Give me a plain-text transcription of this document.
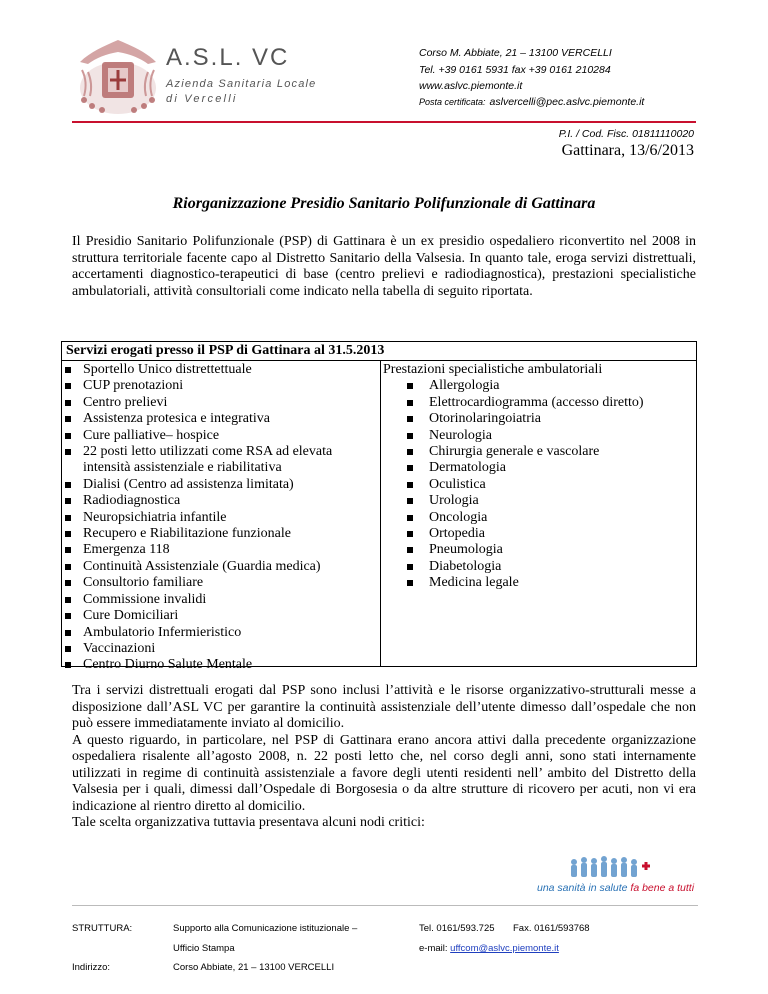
A.S.L. VC
Azienda Sanitaria Locale
di Vercelli
Corso M. Abbiate, 21 – 13100 VERCELLI
Tel. +39 0161 5931 fax +39 0161 210284
www.aslvc.piemonte.it
Posta certificata: aslvercelli@pec.aslvc.piemonte.it
P.I. / Cod. Fisc. 01811110020
Gattinara, 13/6/2013
Riorganizzazione Presidio Sanitario Polifunzionale di Gattinara
Il Presidio Sanitario Polifunzionale (PSP) di Gattinara è un ex presidio ospedaliero riconvertito nel 2008 in struttura territoriale facente capo al Distretto Sanitario della Valsesia. In quanto tale, eroga servizi distrettuali, accertamenti diagnostico-terapeutici di base (centro prelievi e radiodiagnostica), prestazioni specialistiche ambulatoriali, attività consultoriali come indicato nella tabella di seguito riportata.
Servizi erogati presso il PSP di Gattinara al 31.5.2013
Sportello Unico distrettettuale
CUP prenotazioni
Centro prelievi
Assistenza protesica e integrativa
Cure palliative– hospice
22 posti letto utilizzati come RSA ad elevata intensità assistenziale e riabilitativa
Dialisi (Centro ad assistenza limitata)
Radiodiagnostica
Neuropsichiatria infantile
Recupero e Riabilitazione funzionale
Emergenza 118
Continuità Assistenziale (Guardia medica)
Consultorio familiare
Commissione invalidi
Cure Domiciliari
Ambulatorio Infermieristico
Vaccinazioni
Centro Diurno Salute Mentale
Prestazioni specialistiche ambulatoriali
Allergologia
Elettrocardiogramma (accesso diretto)
Otorinolaringoiatria
Neurologia
Chirurgia generale e vascolare
Dermatologia
Oculistica
Urologia
Oncologia
Ortopedia
Pneumologia
Diabetologia
Medicina legale
Tra i servizi distrettuali erogati dal PSP sono inclusi l’attività e le risorse organizzativo-strutturali messe a disposizione dall’ASL VC per garantire la continuità assistenziale dell’utente dimesso dall’ospedale che non può essere immediatamente inviato al domicilio.
A questo riguardo, in particolare, nel PSP di Gattinara erano ancora attivi dalla precedente organizzazione ospedaliera risalente all’agosto 2008, n. 22 posti letto che, nel corso degli anni, sono stati internamente utilizzati in regime di continuità assistenziale a favore degli utenti residenti nell’ ambito del Distretto della Valsesia per i quali, dimessi dall’Ospedale di Borgosesia o da altre strutture di ricovero per acuti, non vi era indicazione al rientro diretto al domicilio.
Tale scelta organizzativa tuttavia presentava alcuni nodi critici:
una sanità in salute fa bene a tutti
STRUTTURA:	Supporto alla Comunicazione istituzionale –
Ufficio Stampa
Indirizzo:	Corso Abbiate, 21 – 13100 VERCELLI
Tel. 0161/593.725 Fax. 0161/593768
e-mail: uffcom@aslvc.piemonte.it
